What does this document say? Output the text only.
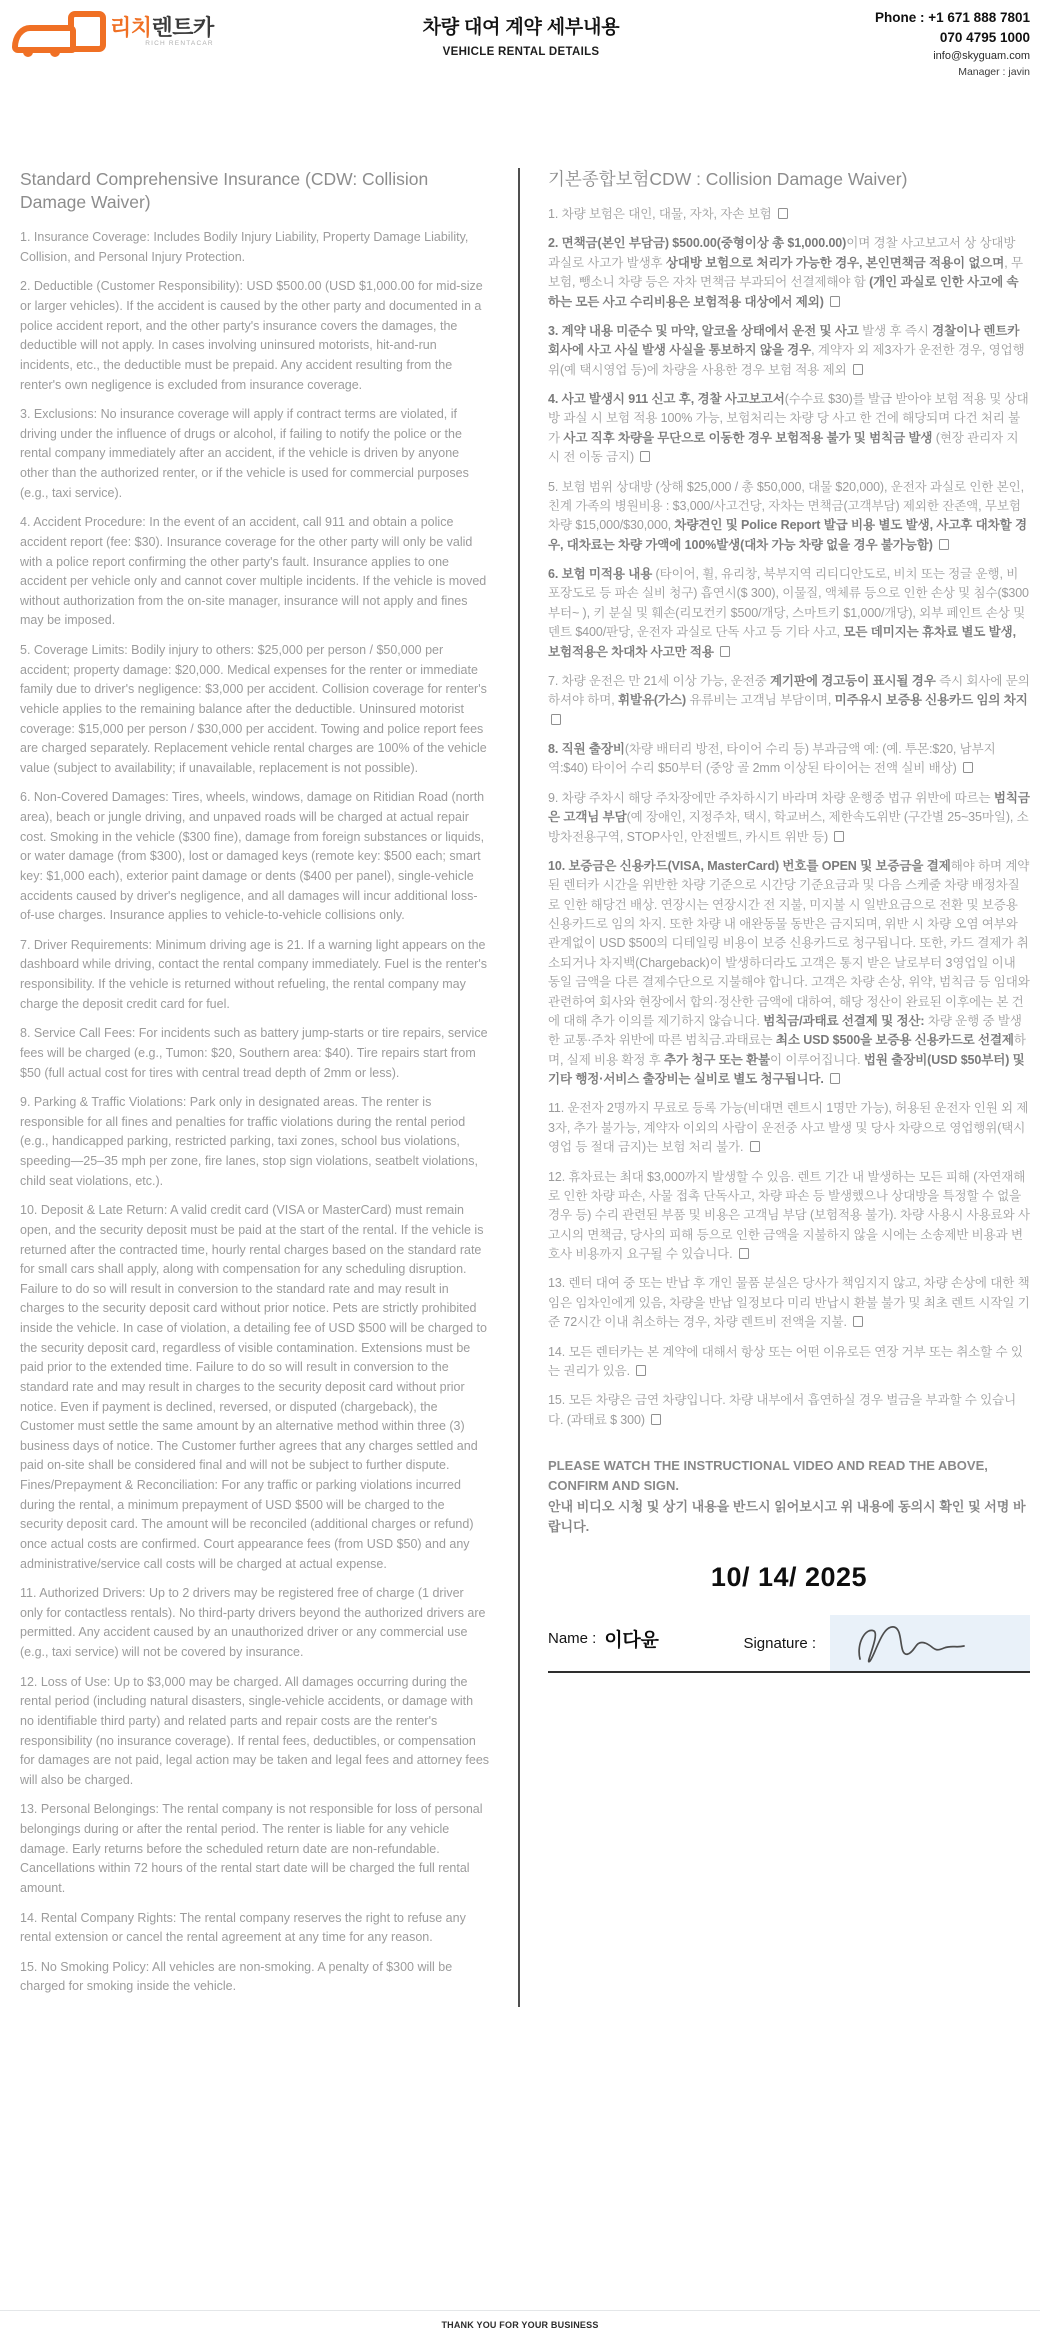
리치렌트카
RICH RENTACAR
차량 대여 계약 세부내용
VEHICLE RENTAL DETAILS
Phone : +1 671 888 7801
070 4795 1000
info@skyguam.com
Manager : javin
Standard Comprehensive Insurance (CDW: Collision Damage Waiver)

1. Insurance Coverage: Includes Bodily Injury Liability, Property Damage Liability, Collision, and Personal Injury Protection.

2. Deductible (Customer Responsibility): USD $500.00 (USD $1,000.00 for mid-size or larger vehicles). If the accident is caused by the other party and documented in a police accident report, and the other party's insurance covers the damages, the deductible will not apply. In cases involving uninsured motorists, hit-and-run incidents, etc., the deductible must be prepaid. Any accident resulting from the renter's own negligence is excluded from insurance coverage.

3. Exclusions: No insurance coverage will apply if contract terms are violated, if driving under the influence of drugs or alcohol, if failing to notify the police or the rental company immediately after an accident, if the vehicle is driven by anyone other than the authorized renter, or if the vehicle is used for commercial purposes (e.g., taxi service).

4. Accident Procedure: In the event of an accident, call 911 and obtain a police accident report (fee: $30). Insurance coverage for the other party will only be valid with a police report confirming the other party's fault. Insurance applies to one accident per vehicle only and cannot cover multiple incidents. If the vehicle is moved without authorization from the on-site manager, insurance will not apply and fines may be imposed.

5. Coverage Limits: Bodily injury to others: $25,000 per person / $50,000 per accident; property damage: $20,000. Medical expenses for the renter or immediate family due to driver's negligence: $3,000 per accident. Collision coverage for renter's vehicle applies to the remaining balance after the deductible. Uninsured motorist coverage: $15,000 per person / $30,000 per accident. Towing and police report fees are charged separately. Replacement vehicle rental charges are 100% of the vehicle value (subject to availability; if unavailable, replacement is not possible).

6. Non-Covered Damages: Tires, wheels, windows, damage on Ritidian Road (north area), beach or jungle driving, and unpaved roads will be charged at actual repair cost. Smoking in the vehicle ($300 fine), damage from foreign substances or liquids, or water damage (from $300), lost or damaged keys (remote key: $500 each; smart key: $1,000 each), exterior paint damage or dents ($400 per panel), single-vehicle accidents caused by driver's negligence, and all damages will incur additional loss-of-use charges. Insurance applies to vehicle-to-vehicle collisions only.

7. Driver Requirements: Minimum driving age is 21. If a warning light appears on the dashboard while driving, contact the rental company immediately. Fuel is the renter's responsibility. If the vehicle is returned without refueling, the rental company may charge the deposit credit card for fuel.

8. Service Call Fees: For incidents such as battery jump-starts or tire repairs, service fees will be charged (e.g., Tumon: $20, Southern area: $40). Tire repairs start from $50 (full actual cost for tires with central tread depth of 2mm or less).

9. Parking & Traffic Violations: Park only in designated areas. The renter is responsible for all fines and penalties for traffic violations during the rental period (e.g., handicapped parking, restricted parking, taxi zones, school bus violations, speeding—25–35 mph per zone, fire lanes, stop sign violations, seatbelt violations, child seat violations, etc.).

10. Deposit & Late Return: A valid credit card (VISA or MasterCard) must remain open, and the security deposit must be paid at the start of the rental. If the vehicle is returned after the contracted time, hourly rental charges based on the standard rate for small cars shall apply, along with compensation for any scheduling disruption. Failure to do so will result in conversion to the standard rate and may result in charges to the security deposit card without prior notice. Pets are strictly prohibited inside the vehicle. In case of violation, a detailing fee of USD $500 will be charged to the security deposit card, regardless of visible contamination. Extensions must be paid prior to the extended time. Failure to do so will result in conversion to the standard rate and may result in charges to the security deposit card without prior notice. Even if payment is declined, reversed, or disputed (chargeback), the Customer must settle the same amount by an alternative method within three (3) business days of notice. The Customer further agrees that any charges settled and paid on-site shall be considered final and will not be subject to further dispute. Fines/Prepayment & Reconciliation: For any traffic or parking violations incurred during the rental, a minimum prepayment of USD $500 will be charged to the security deposit card. The amount will be reconciled (additional charges or refund) once actual costs are confirmed. Court appearance fees (from USD $50) and any administrative/service call costs will be charged at actual expense.

11. Authorized Drivers: Up to 2 drivers may be registered free of charge (1 driver only for contactless rentals). No third-party drivers beyond the authorized drivers are permitted. Any accident caused by an unauthorized driver or any commercial use (e.g., taxi service) will not be covered by insurance.

12. Loss of Use: Up to $3,000 may be charged. All damages occurring during the rental period (including natural disasters, single-vehicle accidents, or damage with no identifiable third party) and related parts and repair costs are the renter's responsibility (no insurance coverage). If rental fees, deductibles, or compensation for damages are not paid, legal action may be taken and legal fees and attorney fees will also be charged.

13. Personal Belongings: The rental company is not responsible for loss of personal belongings during or after the rental period. The renter is liable for any vehicle damage. Early returns before the scheduled return date are non-refundable. Cancellations within 72 hours of the rental start date will be charged the full rental amount.

14. Rental Company Rights: The rental company reserves the right to refuse any rental extension or cancel the rental agreement at any time for any reason.

15. No Smoking Policy: All vehicles are non-smoking. A penalty of $300 will be charged for smoking inside the vehicle.

기본종합보험CDW : Collision Damage Waiver)

1. 차량 보험은 대인, 대물, 자차, 자손 보험

2. 면책금(본인 부담금) $500.00(중형이상 총 $1,000.00)이며 경찰 사고보고서 상 상대방 과실로 사고가 발생후 상대방 보험으로 처리가 가능한 경우, 본인면책금 적용이 없으며, 무보험, 뺑소니 차량 등은 자차 면책금 부과되어 선결제해야 함 (개인 과실로 인한 사고에 속하는 모든 사고 수리비용은 보험적용 대상에서 제외)

3. 계약 내용 미준수 및 마약, 알코올 상태에서 운전 및 사고 발생 후 즉시 경찰이나 렌트카 회사에 사고 사실 발생 사실을 통보하지 않을 경우, 계약자 외 제3자가 운전한 경우, 영업행위(예 택시영업 등)에 차량을 사용한 경우 보험 적용 제외

4. 사고 발생시 911 신고 후, 경찰 사고보고서(수수료 $30)를 발급 받아야 보험 적용 및 상대방 과실 시 보험 적용 100% 가능, 보험처리는 차량 당 사고 한 건에 해당되며 다건 처리 불가 사고 직후 차량을 무단으로 이동한 경우 보험적용 불가 및 범칙금 발생 (현장 관리자 지시 전 이동 금지)

5. 보험 범위 상대방 (상해 $25,000 / 총 $50,000, 대물 $20,000), 운전자 과실로 인한 본인, 친계 가족의 병원비용 : $3,000/사고건당, 자차는 면책금(고객부담) 제외한 잔존액, 무보험차량 $15,000/$30,000, 차량견인 및 Police Report 발급 비용 별도 발생, 사고후 대차할 경우, 대차료는 차량 가액에 100%발생(대차 가능 차량 없을 경우 불가능함)

6. 보험 미적용 내용 (타이어, 휠, 유리창, 북부지역 리티디안도로, 비치 또는 정글 운행, 비포장도로 등 파손 실비 청구) 흡연시($ 300), 이물질, 액체류 등으로 인한 손상 및 침수($300부터~ ), 키 분실 및 훼손(리모컨키 $500/개당, 스마트키 $1,000/개당), 외부 페인트 손상 및 덴트 $400/판당, 운전자 과실로 단독 사고 등 기타 사고, 모든 데미지는 휴차료 별도 발생, 보험적용은 차대차 사고만 적용

7. 차량 운전은 만 21세 이상 가능, 운전중 계기판에 경고등이 표시될 경우 즉시 회사에 문의 하셔야 하며, 휘발유(가스) 유류비는 고객님 부담이며, 미주유시 보증용 신용카드 임의 차지

8. 직원 출장비(차량 배터리 방전, 타이어 수리 등) 부과금액 예: (예. 투몬:$20, 남부지역:$40) 타이어 수리 $50부터 (중앙 골 2mm 이상된 타이어는 전액 실비 배상)

9. 차량 주차시 해당 주차장에만 주차하시기 바라며 차량 운행중 법규 위반에 따르는 범칙금은 고객님 부담(예 장애인, 지정주차, 택시, 학교버스, 제한속도위반 (구간별 25~35마일), 소방차전용구역, STOP사인, 안전벨트, 카시트 위반 등)

10. 보증금은 신용카드(VISA, MasterCard) 번호를 OPEN 및 보증금을 결제해야 하며 계약된 렌터카 시간을 위반한 차량 기준으로 시간당 기준요금과 및 다음 스케줄 차량 배정차질로 인한 해당건 배상. 연장시는 연장시간 전 지불, 미지불 시 일반요금으로 전환 및 보증용 신용카드로 임의 차지. 또한 차량 내 애완동물 동반은 금지되며, 위반 시 차량 오염 여부와 관계없이 USD $500의 디테일링 비용이 보증 신용카드로 청구됩니다. 또한, 카드 결제가 취소되거나 차지백(Chargeback)이 발생하더라도 고객은 통지 받은 날로부터 3영업일 이내 동일 금액을 다른 결제수단으로 지불해야 합니다. 고객은 차량 손상, 위약, 범칙금 등 임대와 관련하여 회사와 현장에서 합의·정산한 금액에 대하여, 해당 정산이 완료된 이후에는 본 건에 대해 추가 이의를 제기하지 않습니다. 범칙금/과태료 선결제 및 정산: 차량 운행 중 발생한 교통·주차 위반에 따른 범칙금.과태료는 최소 USD $500을 보증용 신용카드로 선결제하며, 실제 비용 확정 후 추가 청구 또는 환불이 이루어집니다. 법원 출장비(USD $50부터) 및 기타 행정·서비스 출장비는 실비로 별도 청구됩니다.

11. 운전자 2명까지 무료로 등록 가능(비대면 렌트시 1명만 가능), 허용된 운전자 인원 외 제3자, 추가 불가능, 계약자 이외의 사람이 운전중 사고 발생 및 당사 차량으로 영업행위(택시영업 등 절대 금지)는 보험 처리 불가.

12. 휴차료는 최대 $3,000까지 발생할 수 있음. 렌트 기간 내 발생하는 모든 피해 (자연재해로 인한 차량 파손, 사물 접촉 단독사고, 차량 파손 등 발생했으나 상대방을 특정할 수 없을 경우 등) 수리 관련된 부품 및 비용은 고객님 부담 (보험적용 불가). 차량 사용시 사용료와 사고시의 면책금, 당사의 피해 등으로 인한 금액을 지불하지 않을 시에는 소송제반 비용과 변호사 비용까지 요구될 수 있습니다.

13. 렌터 대여 중 또는 반납 후 개인 물품 분실은 당사가 책임지지 않고, 차량 손상에 대한 책임은 임차인에게 있음, 차량을 반납 일정보다 미리 반납시 환불 불가 및 최초 렌트 시작일 기준 72시간 이내 취소하는 경우, 차량 렌트비 전액을 지불.

14. 모든 렌터카는 본 계약에 대해서 항상 또는 어떤 이유로든 연장 거부 또는 취소할 수 있는 권리가 있음.

15. 모든 차량은 금연 차량입니다. 차량 내부에서 흡연하실 경우 벌금을 부과할 수 있습니다. (과태료 $ 300)

PLEASE WATCH THE INSTRUCTIONAL VIDEO AND READ THE ABOVE, CONFIRM AND SIGN.

안내 비디오 시청 및 상기 내용을 반드시 읽어보시고 위 내용에 동의시 확인 및 서명 바랍니다.

10/ 14/ 2025
Name : 이다윤	Signature :
THANK YOU FOR YOUR BUSINESS
